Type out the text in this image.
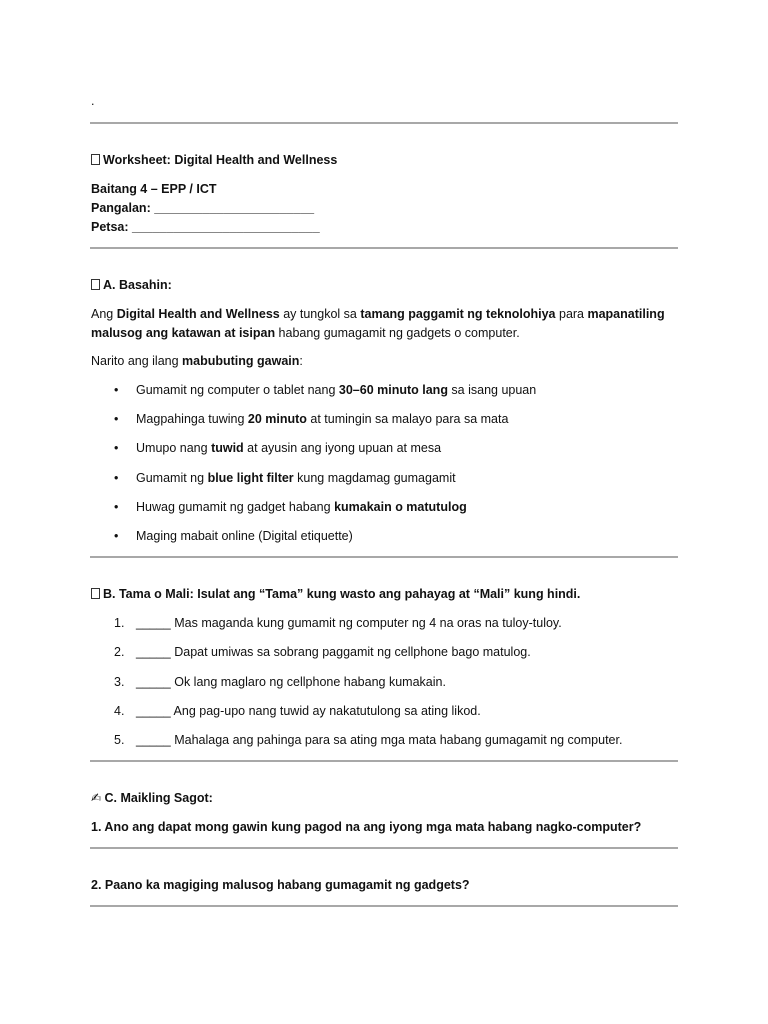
.
Worksheet: Digital Health and Wellness
Baitang 4 – EPP / ICT
Pangalan: _______________________
Petsa: ___________________________
A. Basahin:
Ang Digital Health and Wellness ay tungkol sa tamang paggamit ng teknolohiya para mapanatiling
malusog ang katawan at isipan habang gumagamit ng gadgets o computer.
Narito ang ilang mabubuting gawain:
• Gumamit ng computer o tablet nang 30–60 minuto lang sa isang upuan
• Magpahinga tuwing 20 minuto at tumingin sa malayo para sa mata
• Umupo nang tuwid at ayusin ang iyong upuan at mesa
• Gumamit ng blue light filter kung magdamag gumagamit
• Huwag gumamit ng gadget habang kumakain o matutulog
• Maging mabait online (Digital etiquette)
B. Tama o Mali: Isulat ang “Tama” kung wasto ang pahayag at “Mali” kung hindi.
1. _____ Mas maganda kung gumamit ng computer ng 4 na oras na tuloy-tuloy.
2. _____ Dapat umiwas sa sobrang paggamit ng cellphone bago matulog.
3. _____ Ok lang maglaro ng cellphone habang kumakain.
4. _____ Ang pag-upo nang tuwid ay nakatutulong sa ating likod.
5. _____ Mahalaga ang pahinga para sa ating mga mata habang gumagamit ng computer.
✍ C. Maikling Sagot:
1. Ano ang dapat mong gawin kung pagod na ang iyong mga mata habang nagko-computer?
2. Paano ka magiging malusog habang gumagamit ng gadgets?
